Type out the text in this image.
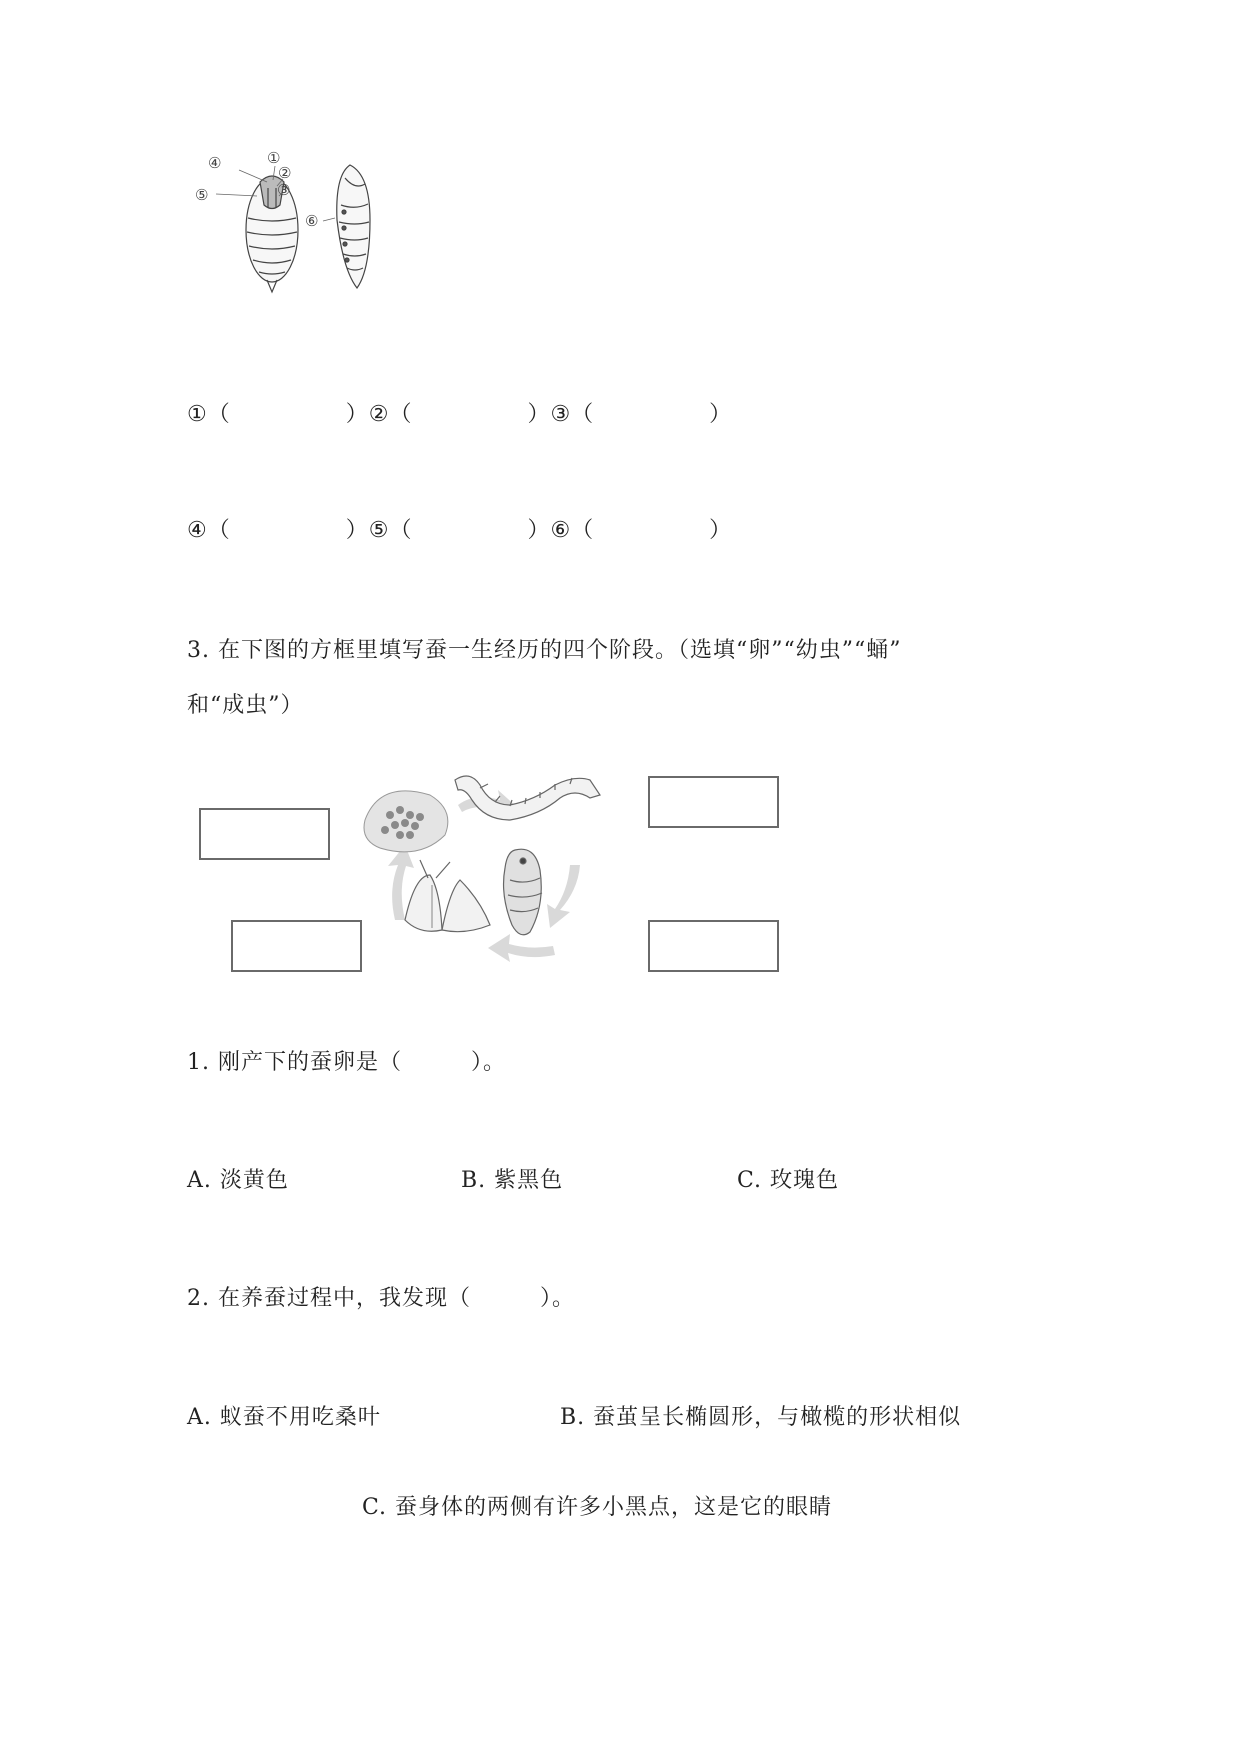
④	①
②
③
⑤
⑥
①（　　　　　）②（　　　　　）③（　　　　　）
④（　　　　　）⑤（　　　　　）⑥（　　　　　）
3. 在下图的方框里填写蚕一生经历的四个阶段。（选填“卵”“幼虫”“蛹”
和“成虫”）
1. 刚产下的蚕卵是（　　　）。
A. 淡黄色	B. 紫黑色	C. 玫瑰色
2. 在养蚕过程中，我发现（　　　）。
A. 蚁蚕不用吃桑叶	B. 蚕茧呈长椭圆形，与橄榄的形状相似
C. 蚕身体的两侧有许多小黑点，这是它的眼睛
